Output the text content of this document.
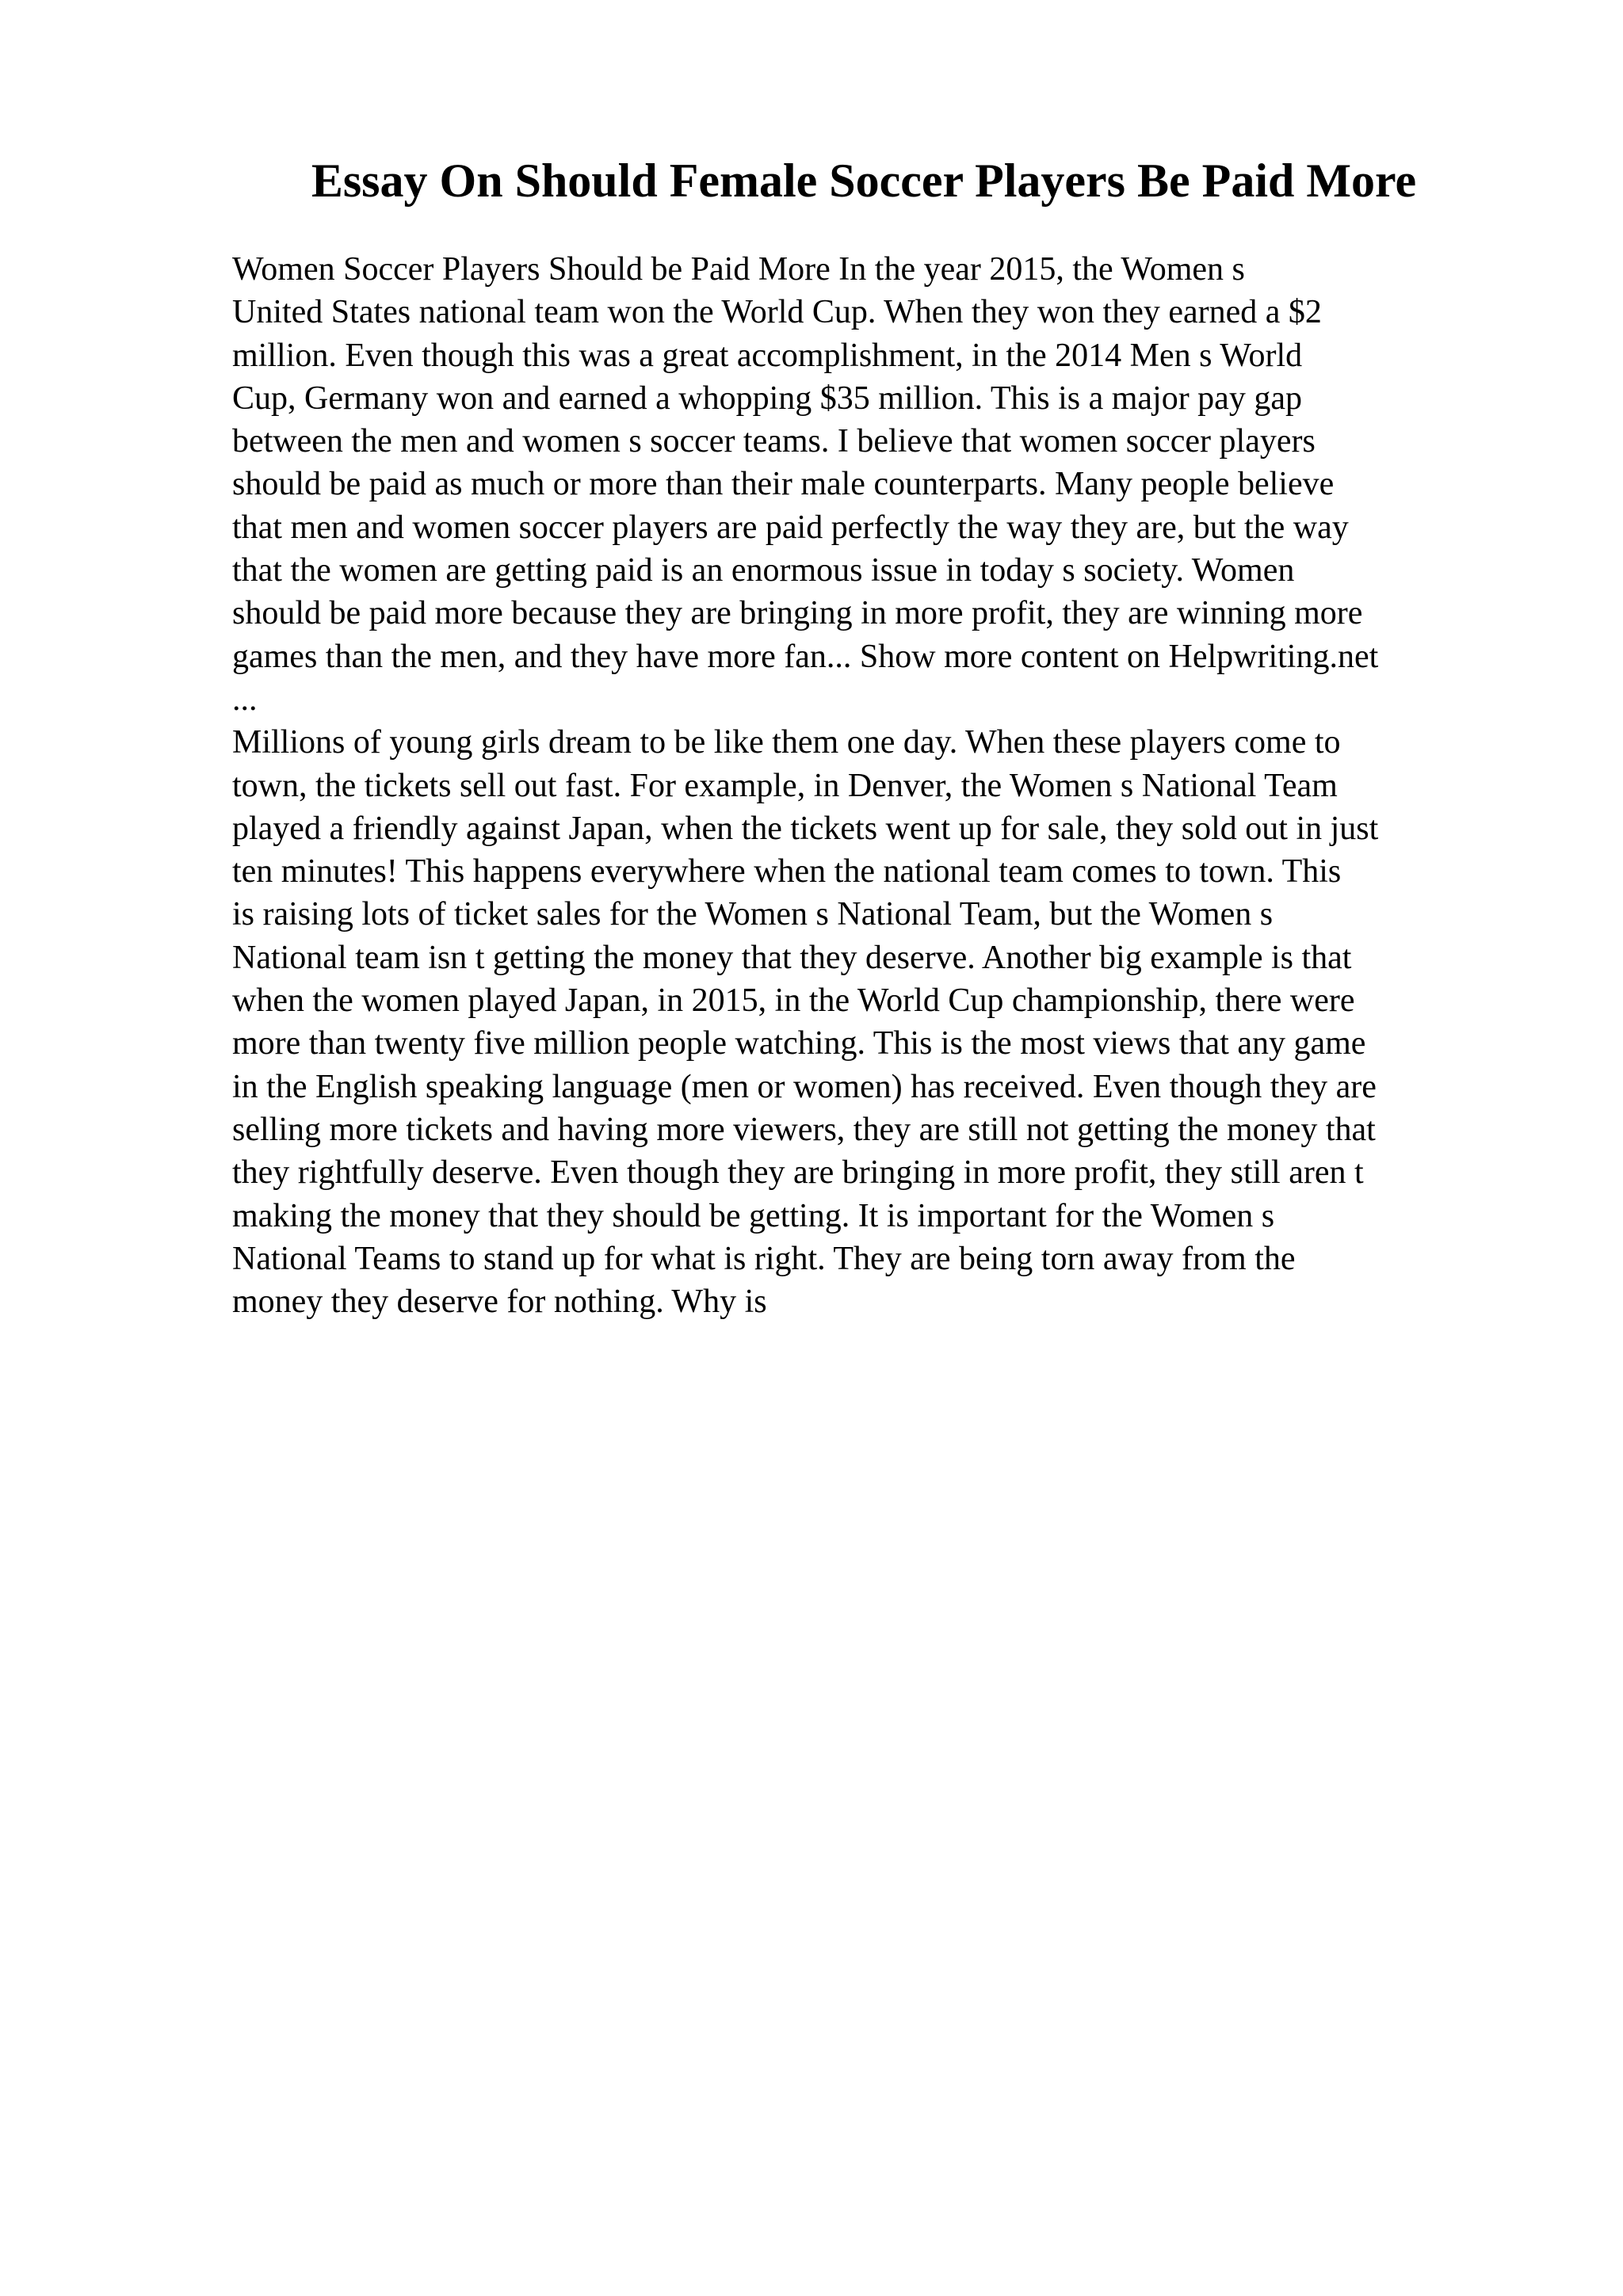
Essay On Should Female Soccer Players Be Paid More
Women Soccer Players Should be Paid More In the year 2015, the Women s
United States national team won the World Cup. When they won they earned a $2
million. Even though this was a great accomplishment, in the 2014 Men s World
Cup, Germany won and earned a whopping $35 million. This is a major pay gap
between the men and women s soccer teams. I believe that women soccer players
should be paid as much or more than their male counterparts. Many people believe
that men and women soccer players are paid perfectly the way they are, but the way
that the women are getting paid is an enormous issue in today s society. Women
should be paid more because they are bringing in more profit, they are winning more
games than the men, and they have more fan... Show more content on Helpwriting.net
...
Millions of young girls dream to be like them one day. When these players come to
town, the tickets sell out fast. For example, in Denver, the Women s National Team
played a friendly against Japan, when the tickets went up for sale, they sold out in just
ten minutes! This happens everywhere when the national team comes to town. This
is raising lots of ticket sales for the Women s National Team, but the Women s
National team isn t getting the money that they deserve. Another big example is that
when the women played Japan, in 2015, in the World Cup championship, there were
more than twenty five million people watching. This is the most views that any game
in the English speaking language (men or women) has received. Even though they are
selling more tickets and having more viewers, they are still not getting the money that
they rightfully deserve. Even though they are bringing in more profit, they still aren t
making the money that they should be getting. It is important for the Women s
National Teams to stand up for what is right. They are being torn away from the
money they deserve for nothing. Why is
